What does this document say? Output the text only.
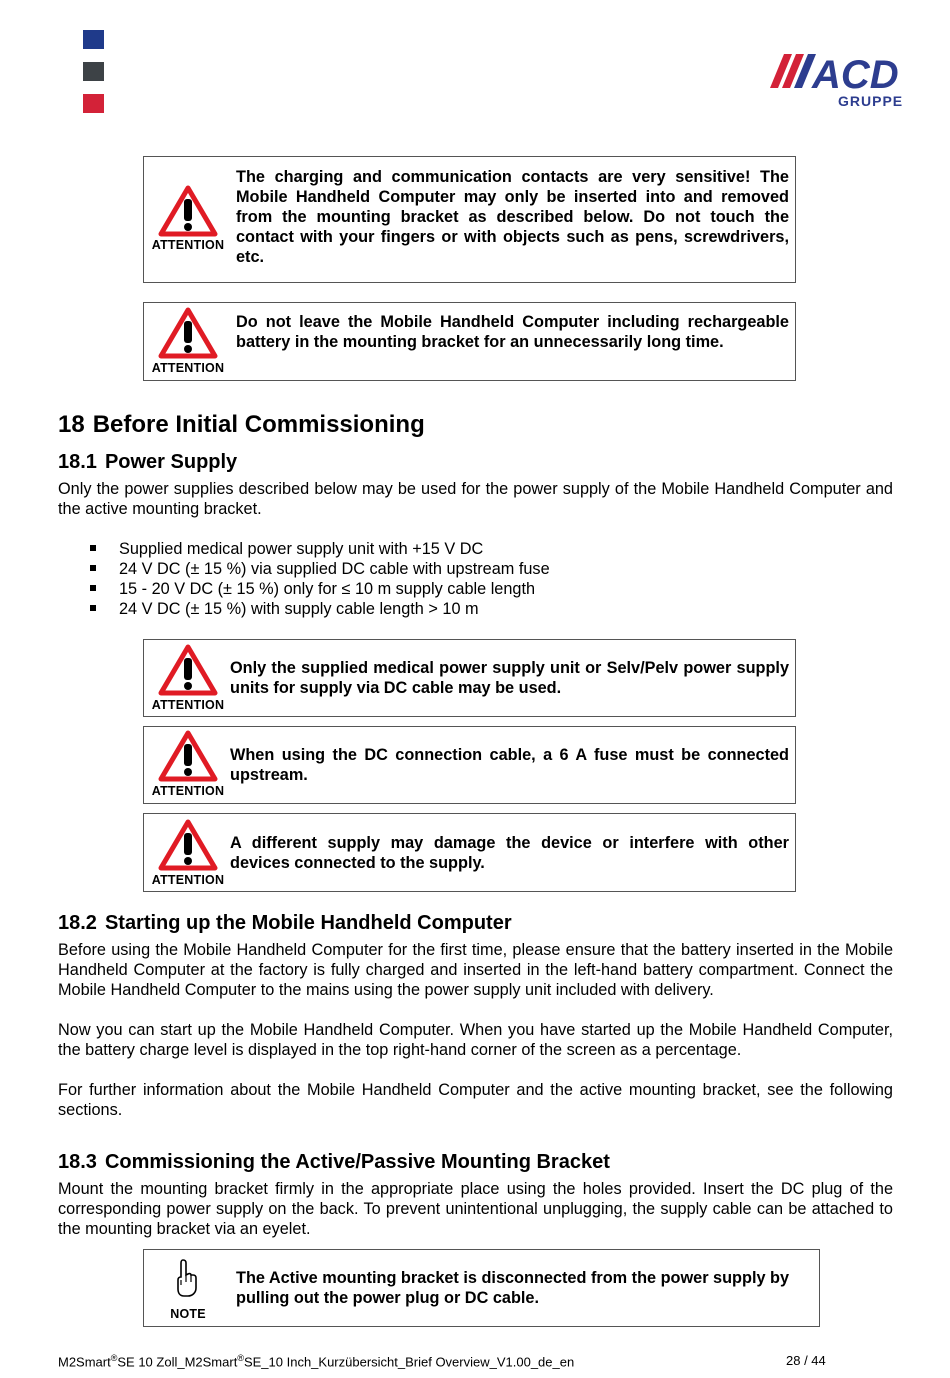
ACD
GRUPPE
ATTENTION
The charging and communication contacts are very sensitive! The Mobile Handheld Computer may only be inserted into and removed from the mounting bracket as described below. Do not touch the contact with your fingers or with objects such as pens, screwdrivers, etc.
ATTENTION
Do not leave the Mobile Handheld Computer including rechargeable battery in the mounting bracket for an unnecessarily long time.
18 Before Initial Commissioning
18.1 Power Supply
Only the power supplies described below may be used for the power supply of the Mobile Handheld Computer and the active mounting bracket.
Supplied medical power supply unit with +15 V DC
24 V DC (± 15 %) via supplied DC cable with upstream fuse
15 - 20 V DC (± 15 %) only for ≤ 10 m supply cable length
24 V DC (± 15 %) with supply cable length > 10 m
ATTENTION
Only the supplied medical power supply unit or Selv/Pelv power supply units for supply via DC cable may be used.
ATTENTION
When using the DC connection cable, a 6 A fuse must be connected upstream.
ATTENTION
A different supply may damage the device or interfere with other devices connected to the supply.
18.2 Starting up the Mobile Handheld Computer
Before using the Mobile Handheld Computer for the first time, please ensure that the battery inserted in the Mobile Handheld Computer at the factory is fully charged and inserted in the left-hand battery compartment. Connect the Mobile Handheld Computer to the mains using the power supply unit included with delivery.
Now you can start up the Mobile Handheld Computer. When you have started up the Mobile Handheld Computer, the battery charge level is displayed in the top right-hand corner of the screen as a percentage.
For further information about the Mobile Handheld Computer and the active mounting bracket, see the following sections.
18.3 Commissioning the Active/Passive Mounting Bracket
Mount the mounting bracket firmly in the appropriate place using the holes provided. Insert the DC plug of the corresponding power supply on the back. To prevent unintentional unplugging, the supply cable can be attached to the mounting bracket via an eyelet.
NOTE
The Active mounting bracket is disconnected from the power supply by pulling out the power plug or DC cable.
M2Smart®SE 10 Zoll_M2Smart®SE_10 Inch_Kurzübersicht_Brief Overview_V1.00_de_en	28 / 44
